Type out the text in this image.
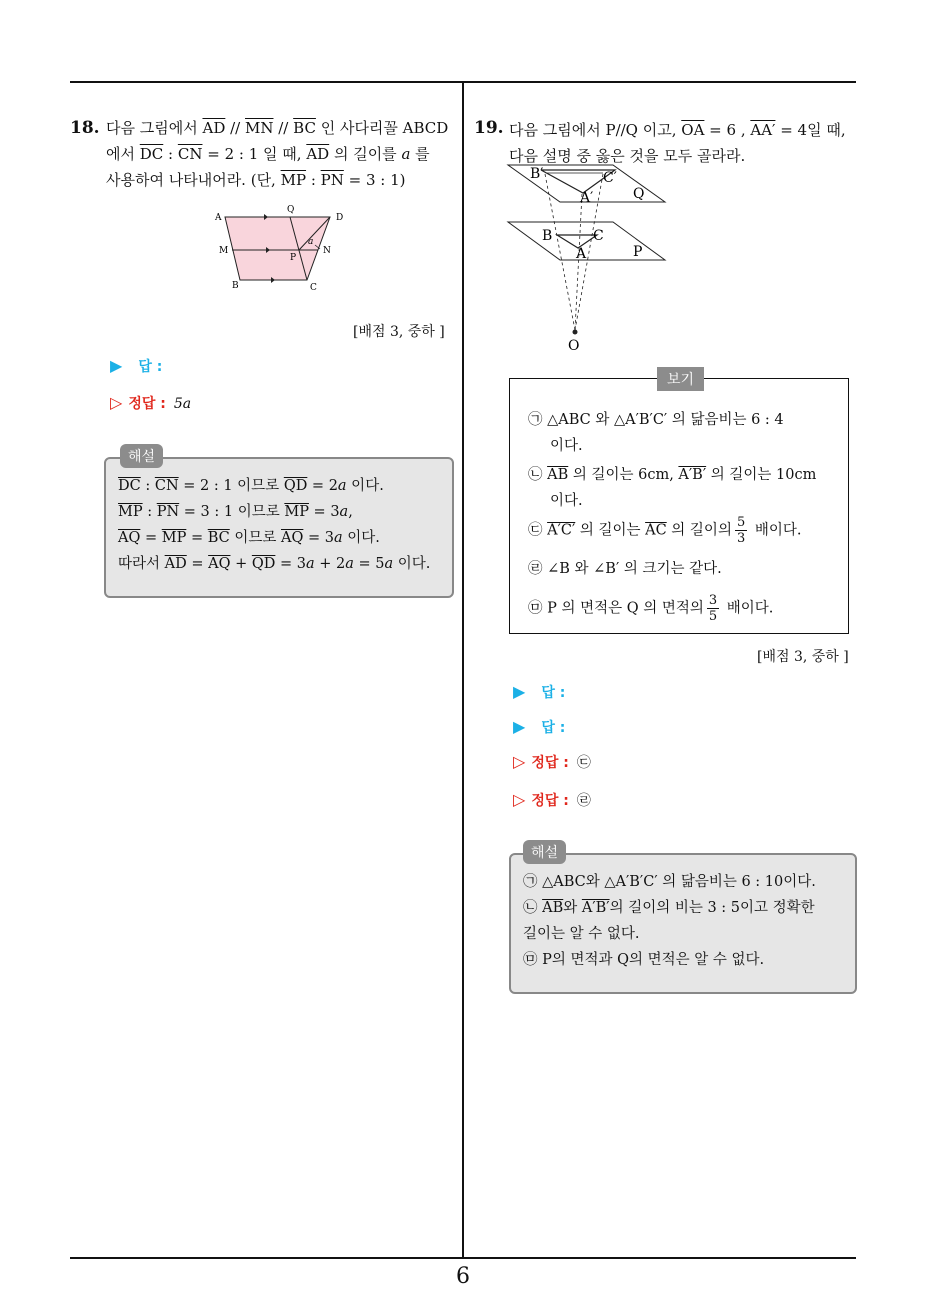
6
18. 다음 그림에서 $\overline{AD} // \overline{MN} // \overline{BC}$ 인 사다리꼴 ABCD
에서 $\overline{DC}$ : $\overline{CN} = 2$ : 1 일 때, $\overline{AD}$ 의 길이를 a 를
사용하여 나타내어라. (단, $\overline{MP}$ : $\overline{PN} = 3$ : 1)
A
Q
D
M
P
N
B	C
a
[배점 3, 중하 ]
▶ 답 :
▷ 정답 : 5a
$\overline{DC}$ : $\overline{CN} = 2$ : 1 이므로 $\overline{QD} = 2a$ 이다.
$\overline{MP}$ : $\overline{PN} = 3$ : 1 이므로 $\overline{MP} = 3a$,
$\overline{AQ} = \overline{MP} = \overline{BC}$ 이므로 $\overline{AQ} = 3a$ 이다.
따라서 $\overline{AD} = \overline{AQ} + \overline{QD} = 3a + 2a = 5a$ 이다.
해설
19. 다음 그림에서 P//Q 이고, $\overline{OA} = 6$ , AA′ = 4일 때,
다음 설명 중 옳은 것을 모두 골라라.
B′	C′
A′	Q
B	C
A	P
O
㉠ △ABC 와 △A′B′C′ 의 닮음비는 6 : 4
이다.
㉡ $\overline{AB}$ 의 길이는 6cm, A′B′ 의 길이는 10cm
이다.
㉢ A′C′ 의 길이는 $\overline{AC}$ 의 길이의 $\frac{5}{3}$ 배이다.
㉣ ∠B 와 ∠B′ 의 크기는 같다.
㉤ P 의 면적은 Q 의 면적의 $\frac{3}{5}$ 배이다.
보기
[배점 3, 중하 ]
▶ 답 :
▶ 답 :
▷ 정답 : ㉢
▷ 정답 : ㉣
㉠ △ABC와 △A′B′C′ 의 닮음비는 6 : 10이다.
㉡ $\overline{AB}$와 A′B′의 길이의 비는 3 : 5이고 정확한
길이는 알 수 없다.
㉤ P의 면적과 Q의 면적은 알 수 없다.
해설
